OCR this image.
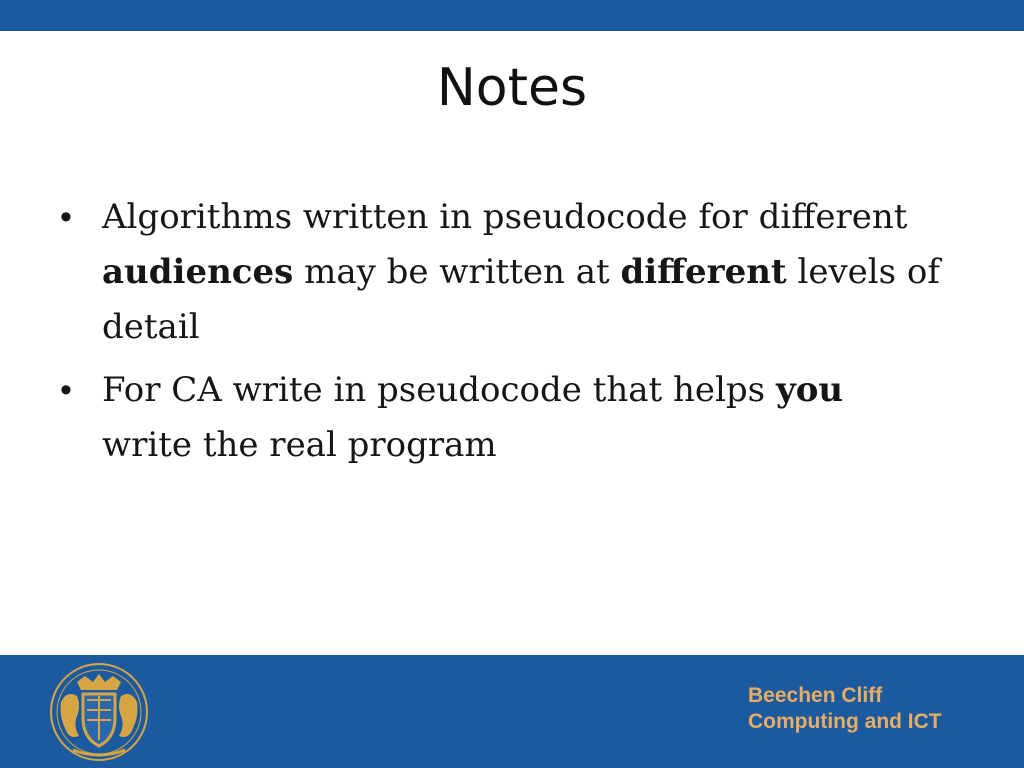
Notes
• Algorithms written in pseudocode for different audiences may be written at different levels of detail
• For CA write in pseudocode that helps you write the real program
Beechen Cliff
Computing and ICT
